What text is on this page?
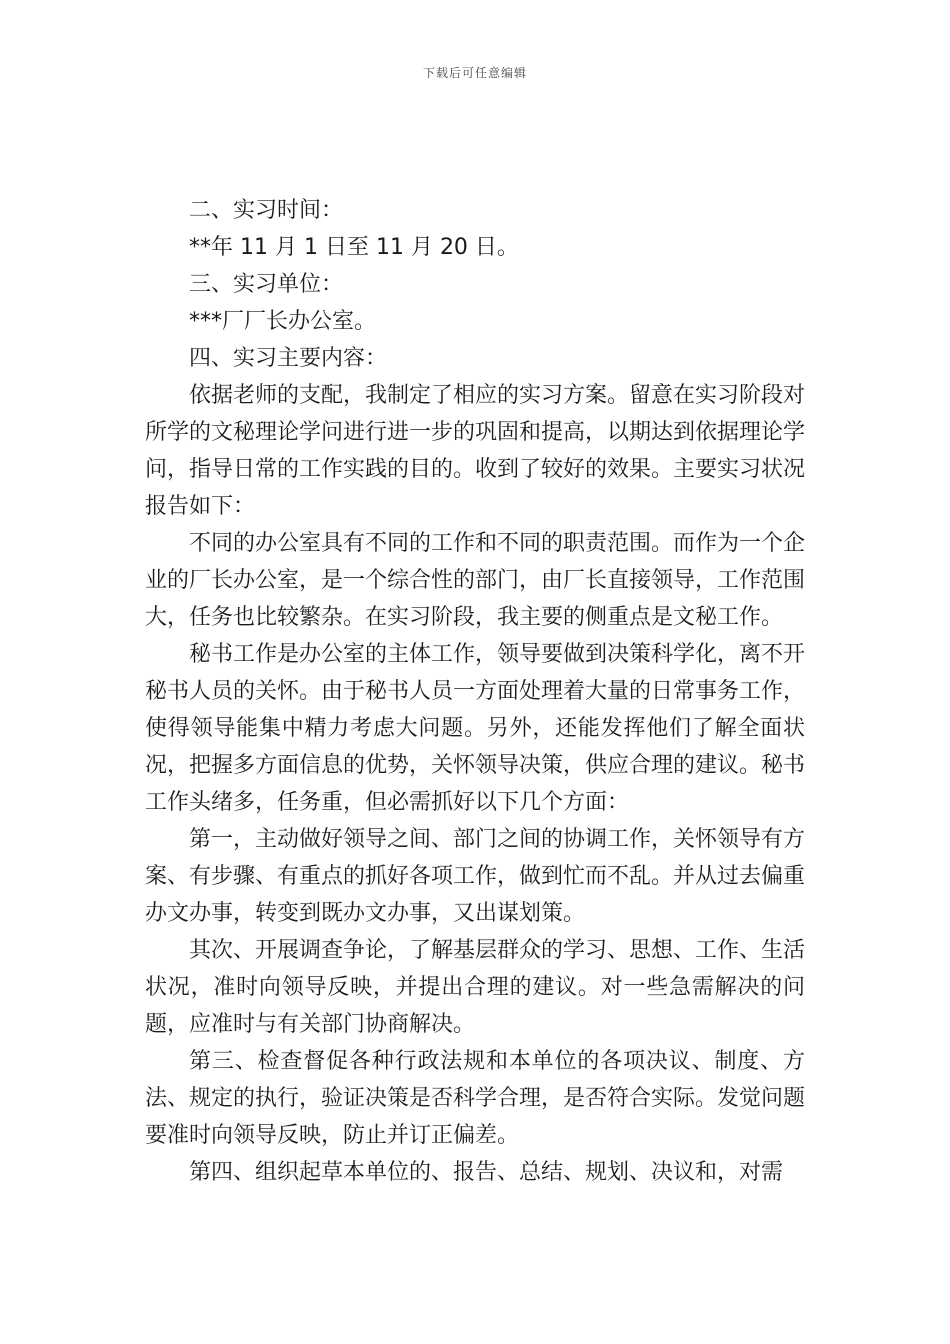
下载后可任意编辑

二、实习时间：

**年 11 月 1 日至 11 月 20 日。

三、实习单位：

***厂厂长办公室。

四、实习主要内容：

依据老师的支配，我制定了相应的实习方案。留意在实习阶段对所学的文秘理论学问进行进一步的巩固和提高，以期达到依据理论学问，指导日常的工作实践的目的。收到了较好的效果。主要实习状况报告如下：

不同的办公室具有不同的工作和不同的职责范围。而作为一个企业的厂长办公室，是一个综合性的部门，由厂长直接领导，工作范围大，任务也比较繁杂。在实习阶段，我主要的侧重点是文秘工作。

秘书工作是办公室的主体工作，领导要做到决策科学化，离不开秘书人员的关怀。由于秘书人员一方面处理着大量的日常事务工作，使得领导能集中精力考虑大问题。另外，还能发挥他们了解全面状况，把握多方面信息的优势，关怀领导决策，供应合理的建议。秘书工作头绪多，任务重，但必需抓好以下几个方面：

第一，主动做好领导之间、部门之间的协调工作，关怀领导有方案、有步骤、有重点的抓好各项工作，做到忙而不乱。并从过去偏重办文办事，转变到既办文办事，又出谋划策。

其次、开展调查争论，了解基层群众的学习、思想、工作、生活状况，准时向领导反映，并提出合理的建议。对一些急需解决的问题，应准时与有关部门协商解决。

第三、检查督促各种行政法规和本单位的各项决议、制度、方法、规定的执行，验证决策是否科学合理，是否符合实际。发觉问题要准时向领导反映，防止并订正偏差。

第四、组织起草本单位的、报告、总结、规划、决议和，对需
